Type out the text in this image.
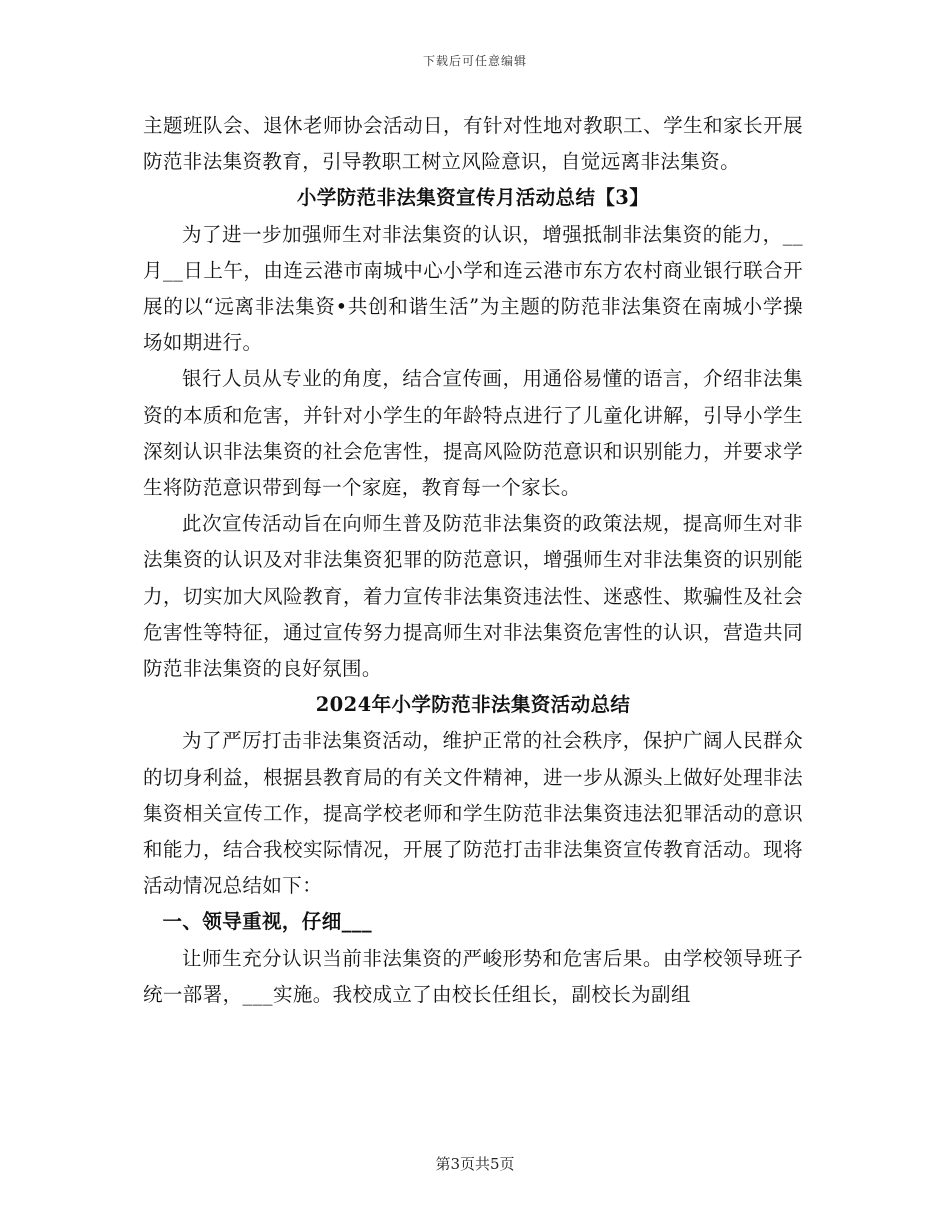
下载后可任意编辑

主题班队会、退休老师协会活动日，有针对性地对教职工、学生和家长开展防范非法集资教育，引导教职工树立风险意识，自觉远离非法集资。

小学防范非法集资宣传月活动总结【3】

为了进一步加强师生对非法集资的认识，增强抵制非法集资的能力，__月__日上午，由连云港市南城中心小学和连云港市东方农村商业银行联合开展的以“远离非法集资•共创和谐生活”为主题的防范非法集资在南城小学操场如期进行。

银行人员从专业的角度，结合宣传画，用通俗易懂的语言，介绍非法集资的本质和危害，并针对小学生的年龄特点进行了儿童化讲解，引导小学生深刻认识非法集资的社会危害性，提高风险防范意识和识别能力，并要求学生将防范意识带到每一个家庭，教育每一个家长。

此次宣传活动旨在向师生普及防范非法集资的政策法规，提高师生对非法集资的认识及对非法集资犯罪的防范意识，增强师生对非法集资的识别能力，切实加大风险教育，着力宣传非法集资违法性、迷惑性、欺骗性及社会危害性等特征，通过宣传努力提高师生对非法集资危害性的认识，营造共同防范非法集资的良好氛围。

2024年小学防范非法集资活动总结

为了严厉打击非法集资活动，维护正常的社会秩序，保护广阔人民群众的切身利益，根据县教育局的有关文件精神，进一步从源头上做好处理非法集资相关宣传工作，提高学校老师和学生防范非法集资违法犯罪活动的意识和能力，结合我校实际情况，开展了防范打击非法集资宣传教育活动。现将活动情况总结如下：

一、领导重视，仔细___

让师生充分认识当前非法集资的严峻形势和危害后果。由学校领导班子统一部署，___实施。我校成立了由校长任组长，副校长为副组

第3页共5页
